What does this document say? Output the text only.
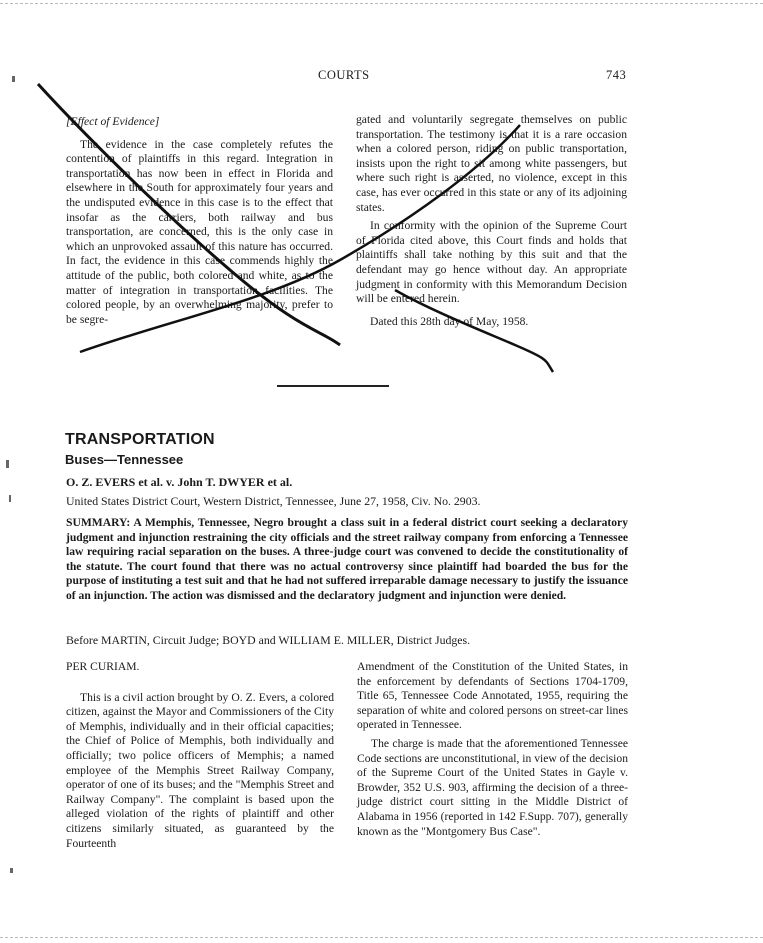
COURTS	743

[Effect of Evidence]

The evidence in the case completely refutes the contention of plaintiffs in this regard. Integration in transportation has now been in effect in Florida and elsewhere in the South for approximately four years and the undisputed evidence in this case is to the effect that insofar as the carriers, both railway and bus transportation, are concerned, this is the only case in which an unprovoked assault of this nature has occurred. In fact, the evidence in this case commends highly the attitude of the public, both colored and white, as to the matter of integration in transportation facilities. The colored people, by an overwhelming majority, prefer to be segre-

gated and voluntarily segregate themselves on public transportation. The testimony is that it is a rare occasion when a colored person, riding on public transportation, insists upon the right to sit among white passengers, but where such right is asserted, no violence, except in this case, has ever occurred in this state or any of its adjoining states.

In conformity with the opinion of the Supreme Court of Florida cited above, this Court finds and holds that plaintiffs shall take nothing by this suit and that the defendant may go hence without day. An appropriate judgment in conformity with this Memorandum Decision will be entered herein.

Dated this 28th day of May, 1958.

TRANSPORTATION
Buses—Tennessee
O. Z. EVERS et al. v. John T. DWYER et al.
United States District Court, Western District, Tennessee, June 27, 1958, Civ. No. 2903.
SUMMARY: A Memphis, Tennessee, Negro brought a class suit in a federal district court seeking a declaratory judgment and injunction restraining the city officials and the street railway company from enforcing a Tennessee law requiring racial separation on the buses. A three-judge court was convened to decide the constitutionality of the statute. The court found that there was no actual controversy since plaintiff had boarded the bus for the purpose of instituting a test suit and that he had not suffered irreparable damage necessary to justify the issuance of an injunction. The action was dismissed and the declaratory judgment and injunction were denied.
Before MARTIN, Circuit Judge; BOYD and WILLIAM E. MILLER, District Judges.

PER CURIAM.

This is a civil action brought by O. Z. Evers, a colored citizen, against the Mayor and Commissioners of the City of Memphis, individually and in their official capacities; the Chief of Police of Memphis, both individually and officially; two police officers of Memphis; a named employee of the Memphis Street Railway Company, operator of one of its buses; and the "Memphis Street and Railway Company". The complaint is based upon the alleged violation of the rights of plaintiff and other citizens similarly situated, as guaranteed by the Fourteenth

Amendment of the Constitution of the United States, in the enforcement by defendants of Sections 1704-1709, Title 65, Tennessee Code Annotated, 1955, requiring the separation of white and colored persons on street-car lines operated in Tennessee.

The charge is made that the aforementioned Tennessee Code sections are unconstitutional, in view of the decision of the Supreme Court of the United States in Gayle v. Browder, 352 U.S. 903, affirming the decision of a three-judge district court sitting in the Middle District of Alabama in 1956 (reported in 142 F.Supp. 707), generally known as the "Montgomery Bus Case".
